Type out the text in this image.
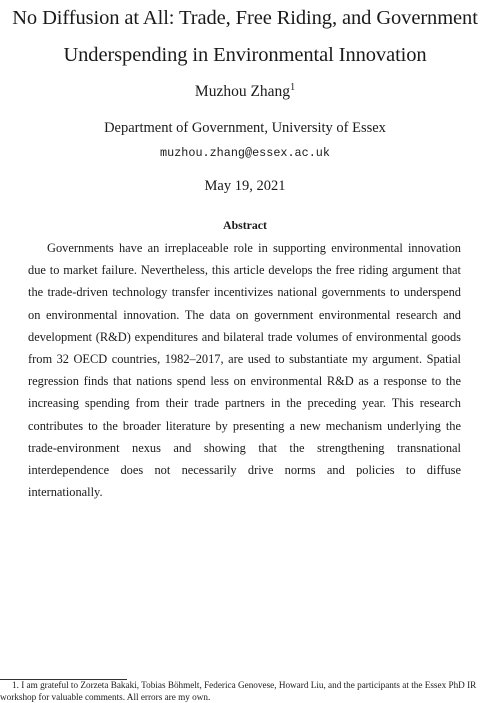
No Diffusion at All: Trade, Free Riding, and Government Underspending in Environmental Innovation
Muzhou Zhang$^1$
Department of Government, University of Essex
muzhou.zhang@essex.ac.uk
May 19, 2021
Abstract
Governments have an irreplaceable role in supporting environmental innovation due to market failure. Nevertheless, this article develops the free riding argument that the trade-driven technology transfer incentivizes national governments to underspend on environmental innovation. The data on government environmental research and development (R&D) expenditures and bilateral trade volumes of environmental goods from 32 OECD countries, 1982–2017, are used to substantiate my argument. Spatial regression finds that nations spend less on environmental R&D as a response to the increasing spending from their trade partners in the preceding year. This research contributes to the broader literature by presenting a new mechanism underlying the trade-environment nexus and showing that the strengthening transnational interdependence does not necessarily drive norms and policies to diffuse internationally.
1. I am grateful to Zorzeta Bakaki, Tobias Böhmelt, Federica Genovese, Howard Liu, and the participants at the Essex PhD IR workshop for valuable comments. All errors are my own.
